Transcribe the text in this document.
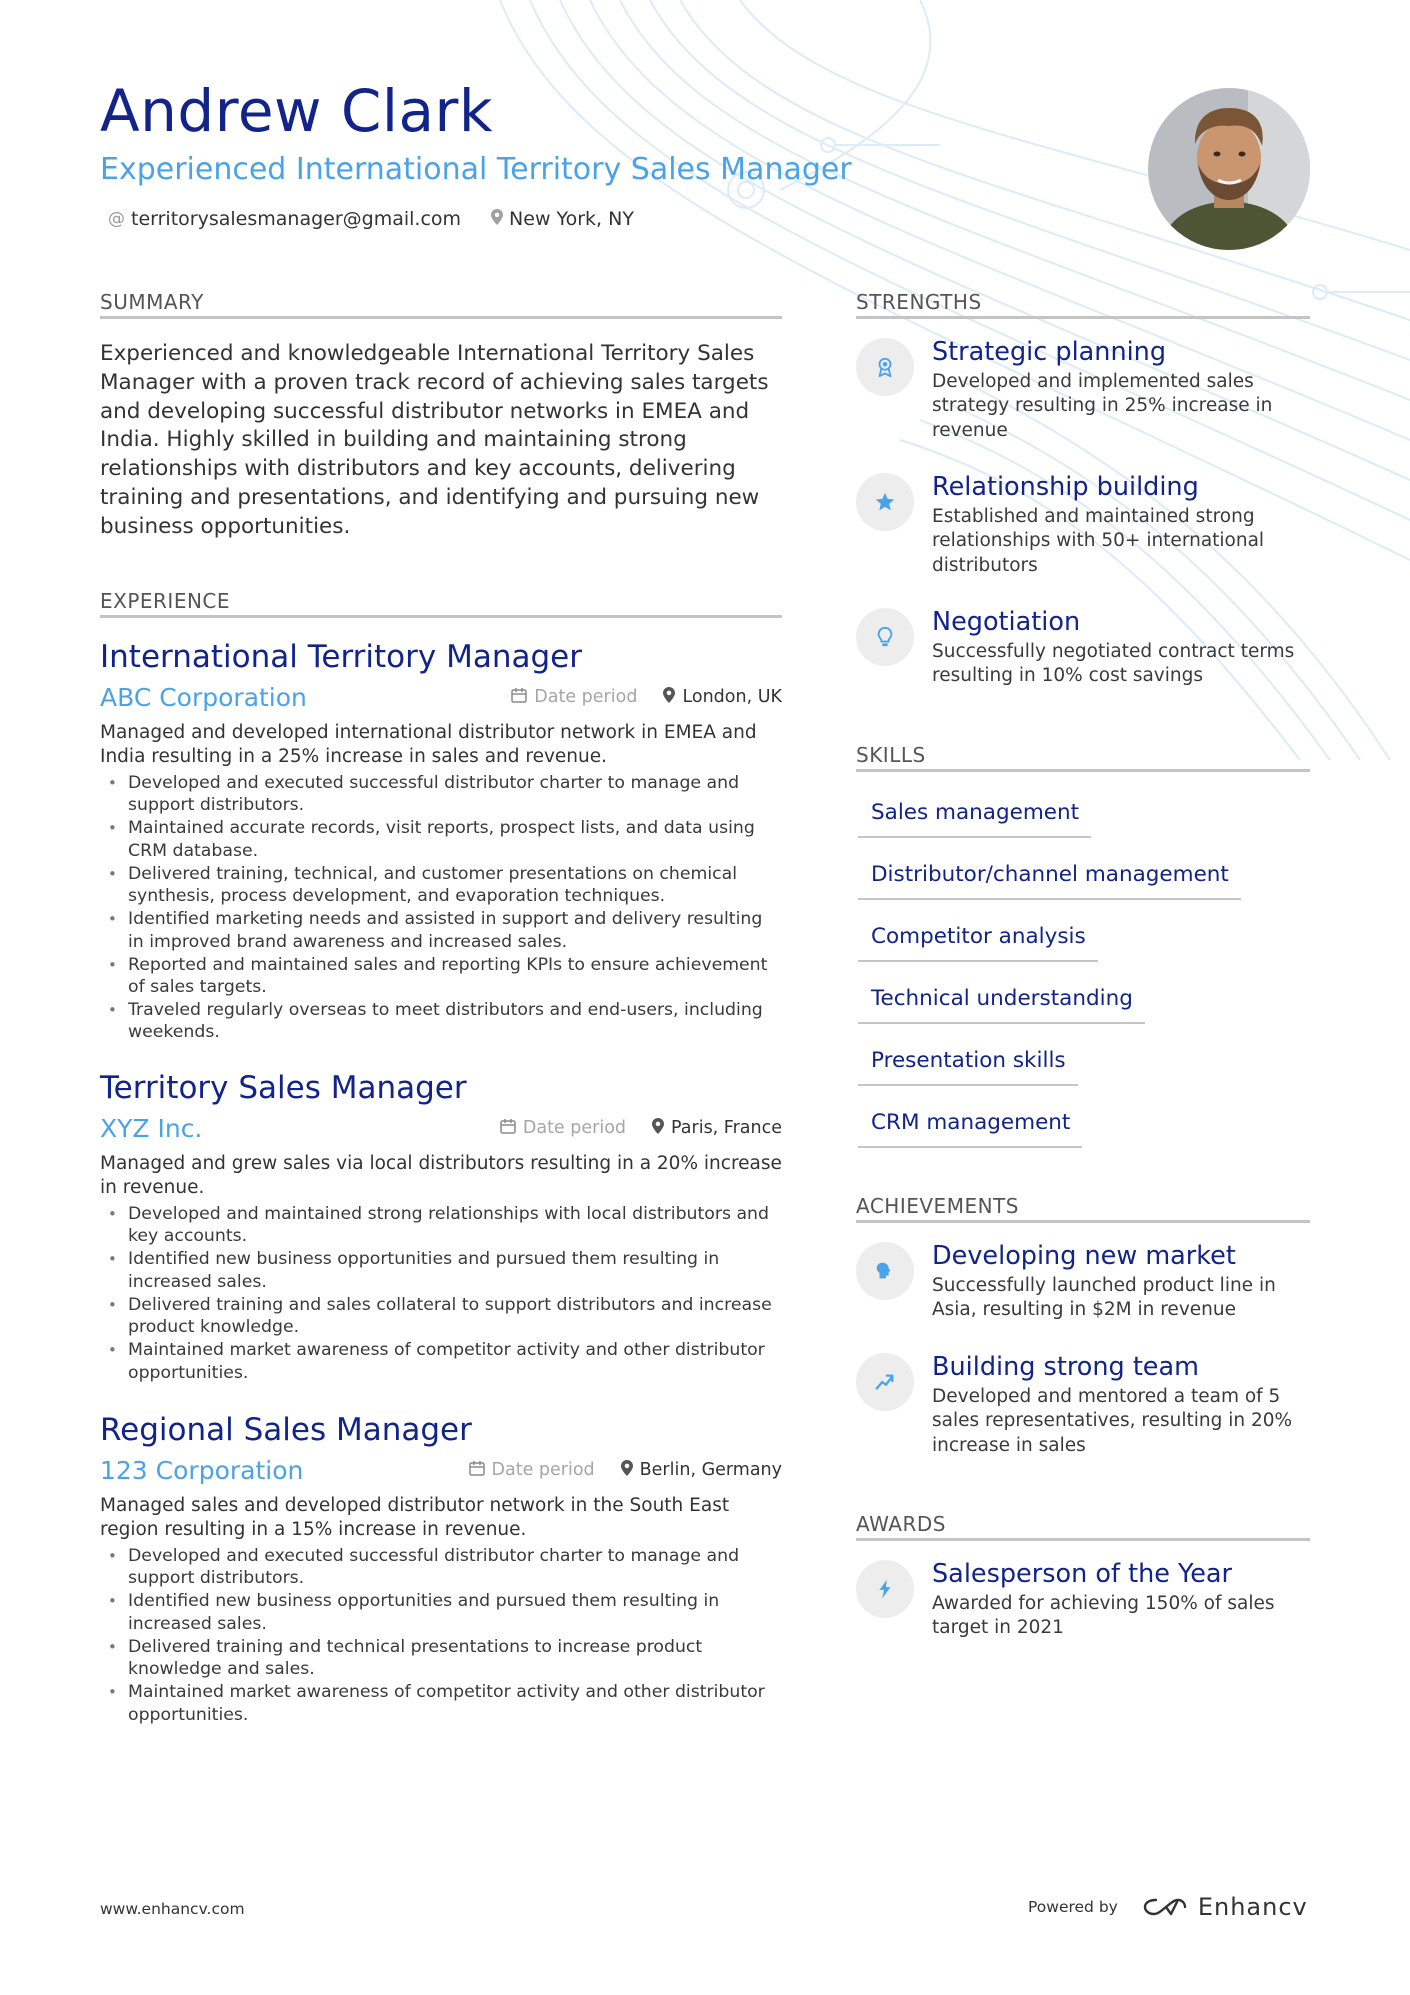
Andrew Clark
Experienced International Territory Sales Manager
@ territorysalesmanager@gmail.com	New York, NY
SUMMARY

Experienced and knowledgeable International Territory Sales Manager with a proven track record of achieving sales targets and developing successful distributor networks in EMEA and India. Highly skilled in building and maintaining strong relationships with distributors and key accounts, delivering training and presentations, and identifying and pursuing new business opportunities.

EXPERIENCE
International Territory Manager
ABC Corporation	Date period	London, UK
Managed and developed international distributor network in EMEA and India resulting in a 25% increase in sales and revenue.
• Developed and executed successful distributor charter to manage and support distributors.
• Maintained accurate records, visit reports, prospect lists, and data using CRM database.
• Delivered training, technical, and customer presentations on chemical synthesis, process development, and evaporation techniques.
• Identified marketing needs and assisted in support and delivery resulting in improved brand awareness and increased sales.
• Reported and maintained sales and reporting KPIs to ensure achievement of sales targets.
• Traveled regularly overseas to meet distributors and end-users, including weekends.
Territory Sales Manager
XYZ Inc.	Date period	Paris, France
Managed and grew sales via local distributors resulting in a 20% increase in revenue.
• Developed and maintained strong relationships with local distributors and key accounts.
• Identified new business opportunities and pursued them resulting in increased sales.
• Delivered training and sales collateral to support distributors and increase product knowledge.
• Maintained market awareness of competitor activity and other distributor opportunities.
Regional Sales Manager
123 Corporation	Date period	Berlin, Germany
Managed sales and developed distributor network in the South East region resulting in a 15% increase in revenue.
• Developed and executed successful distributor charter to manage and support distributors.
• Identified new business opportunities and pursued them resulting in increased sales.
• Delivered training and technical presentations to increase product knowledge and sales.
• Maintained market awareness of competitor activity and other distributor opportunities.
STRENGTHS
Strategic planning
Developed and implemented sales strategy resulting in 25% increase in revenue
Relationship building
Established and maintained strong relationships with 50+ international distributors
Negotiation
Successfully negotiated contract terms resulting in 10% cost savings
SKILLS
Sales management
Distributor/channel management
Competitor analysis
Technical understanding
Presentation skills
CRM management
ACHIEVEMENTS
Developing new market
Successfully launched product line in Asia, resulting in $2M in revenue
Building strong team
Developed and mentored a team of 5 sales representatives, resulting in 20% increase in sales
AWARDS
Salesperson of the Year
Awarded for achieving 150% of sales target in 2021
www.enhancv.com	Powered by	Enhancv
